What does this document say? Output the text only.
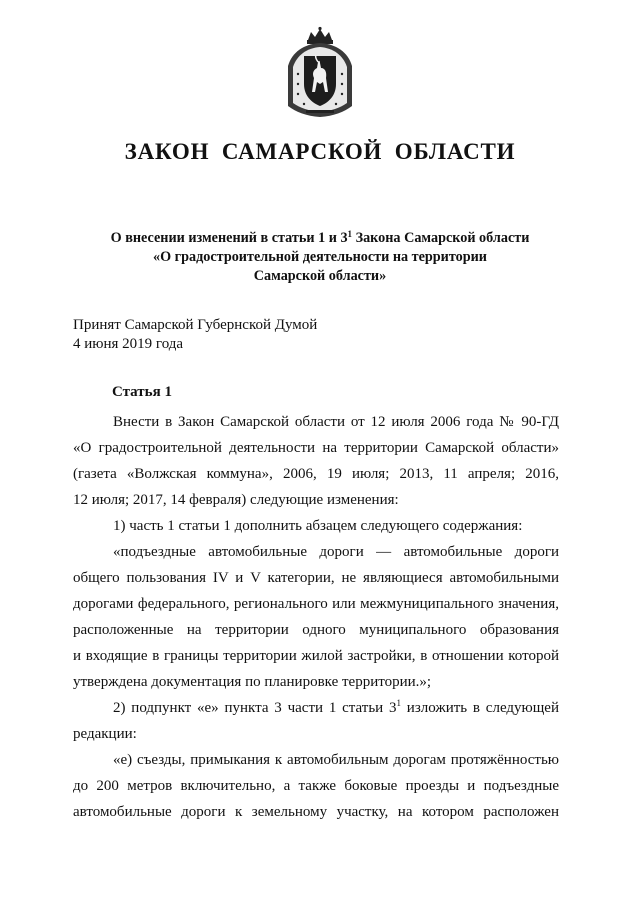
ЗАКОН САМАРСКОЙ ОБЛАСТИ
О внесении изменений в статьи 1 и $3^1$ Закона Самарской области
«О градостроительной деятельности на территории
Самарской области»
Принят Самарской Губернской Думой
4 июня 2019 года
Статья 1
Внести в Закон Самарской области от 12 июля 2006 года № 90-ГД
«О градостроительной деятельности на территории Самарской области»
(газета «Волжская коммуна», 2006, 19 июля; 2013, 11 апреля; 2016,
12 июля; 2017, 14 февраля) следующие изменения:
1) часть 1 статьи 1 дополнить абзацем следующего содержания:
«подъездные автомобильные дороги — автомобильные дороги
общего пользования IV и V категории, не являющиеся автомобильными
дорогами федерального, регионального или межмуниципального значения,
расположенные на территории одного муниципального образования
и входящие в границы территории жилой застройки, в отношении которой
утверждена документация по планировке территории.»;
2) подпункт «е» пункта 3 части 1 статьи $3^1$ изложить в следующей
редакции:
«е) съезды, примыкания к автомобильным дорогам протяжённостью
до 200 метров включительно, а также боковые проезды и подъездные
автомобильные дороги к земельному участку, на котором расположен
